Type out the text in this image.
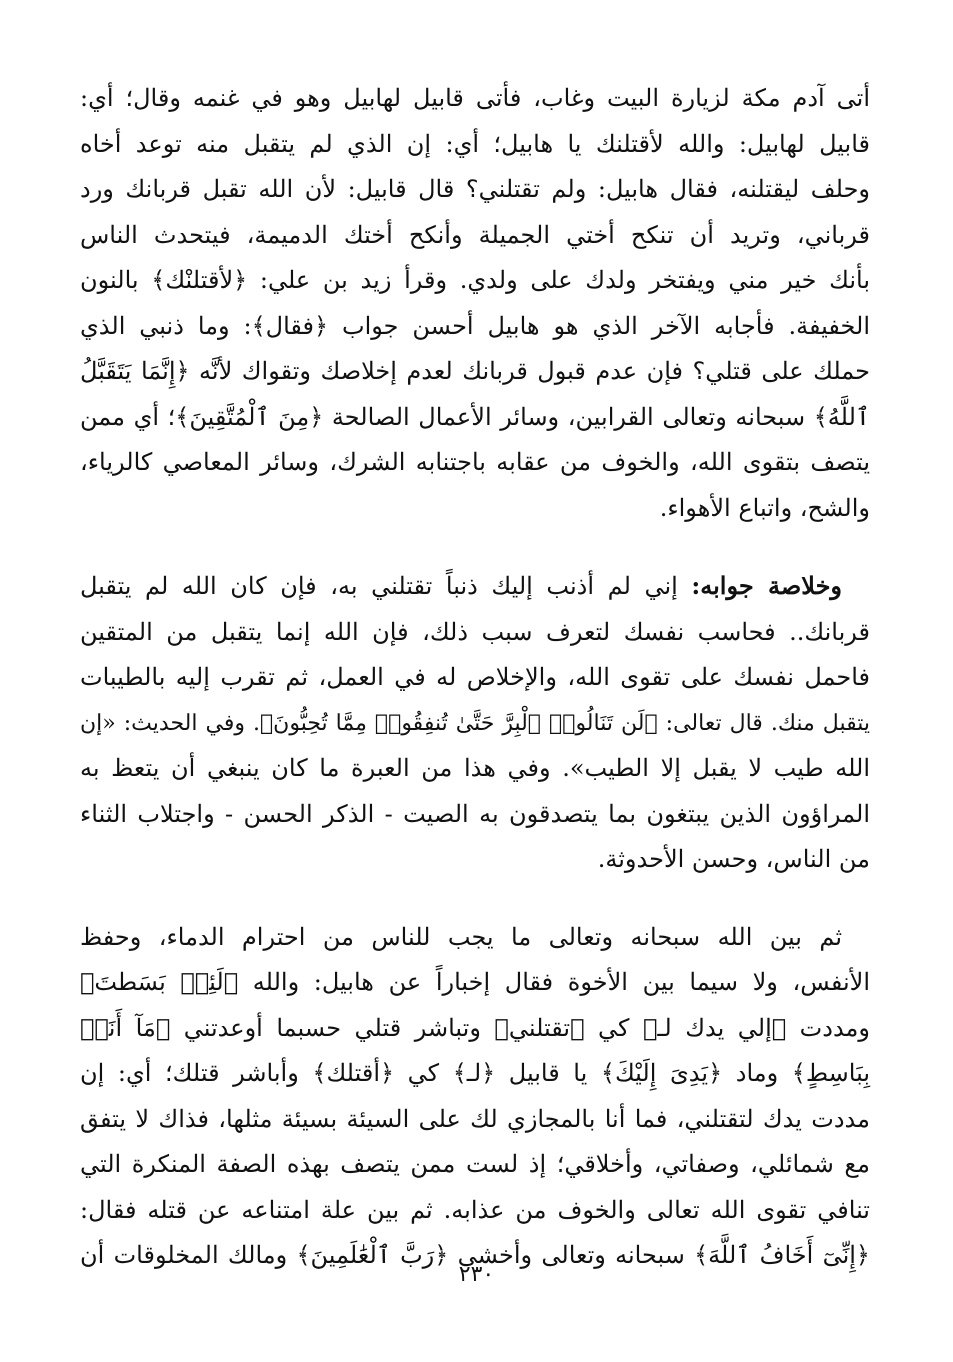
أتى آدم مكة لزيارة البيت وغاب، فأتى قابيل لهابيل وهو في غنمه وقال؛ أي:
قابيل لهابيل: والله لأقتلنك يا هابيل؛ أي: إن الذي لم يتقبل منه توعد أخاه
وحلف ليقتلنه، فقال هابيل: ولم تقتلني؟ قال قابيل: لأن الله تقبل قربانك ورد
قرباني، وتريد أن تنكح أختي الجميلة وأنكح أختك الدميمة، فيتحدث الناس
بأنك خير مني ويفتخر ولدك على ولدي. وقرأ زيد بن علي: ﴿لأقتلنْك﴾ بالنون
الخفيفة. فأجابه الآخر الذي هو هابيل أحسن جواب ﴿فقال﴾: وما ذنبي الذي
حملك على قتلي؟ فإن عدم قبول قربانك لعدم إخلاصك وتقواك لأنَّه ﴿إِنَّمَا يَتَقَبَّلُ
ٱللَّهُ﴾ سبحانه وتعالى القرابين، وسائر الأعمال الصالحة ﴿مِنَ ٱلْمُتَّقِينَ﴾؛ أي ممن
يتصف بتقوى الله، والخوف من عقابه باجتنابه الشرك، وسائر المعاصي كالرياء،
والشح، واتباع الأهواء.

وخلاصة جوابه: إني لم أذنب إليك ذنباً تقتلني به، فإن كان الله لم يتقبل
قربانك.. فحاسب نفسك لتعرف سبب ذلك، فإن الله إنما يتقبل من المتقين
فاحمل نفسك على تقوى الله، والإخلاص له في العمل، ثم تقرب إليه بالطيبات
يتقبل منك. قال تعالى: ﴿لَن تَنَالُوا۟ ٱلْبِرَّ حَتَّىٰ تُنفِقُوا۟ مِمَّا تُحِبُّونَ﴾. وفي الحديث: «إن
الله طيب لا يقبل إلا الطيب». وفي هذا من العبرة ما كان ينبغي أن يتعظ به
المراؤون الذين يبتغون بما يتصدقون به الصيت - الذكر الحسن - واجتلاب الثناء
من الناس، وحسن الأحدوثة.

ثم بين الله سبحانه وتعالى ما يجب للناس من احترام الدماء، وحفظ
الأنفس، ولا سيما بين الأخوة فقال إخباراً عن هابيل: والله ﴿لَئِنۢ بَسَطتَ﴾
ومددت ﴿إلي يدك لـ﴾ كي ﴿تقتلني﴾ وتباشر قتلي حسبما أوعدتني ﴿مَآ أَنَا۠
بِبَاسِطٍ﴾ وماد ﴿يَدِىَ إِلَيْكَ﴾ يا قابيل ﴿لـ﴾ كي ﴿أقتلك﴾ وأباشر قتلك؛ أي: إن
مددت يدك لتقتلني، فما أنا بالمجازي لك على السيئة بسيئة مثلها، فذاك لا يتفق
مع شمائلي، وصفاتي، وأخلاقي؛ إذ لست ممن يتصف بهذه الصفة المنكرة التي
تنافي تقوى الله تعالى والخوف من عذابه. ثم بين علة امتناعه عن قتله فقال:
﴿إِنِّىٓ أَخَافُ ٱللَّهَ﴾ سبحانه وتعالى وأخشى ﴿رَبَّ ٱلْعَٰلَمِينَ﴾ ومالك المخلوقات أن

٢٣٠
